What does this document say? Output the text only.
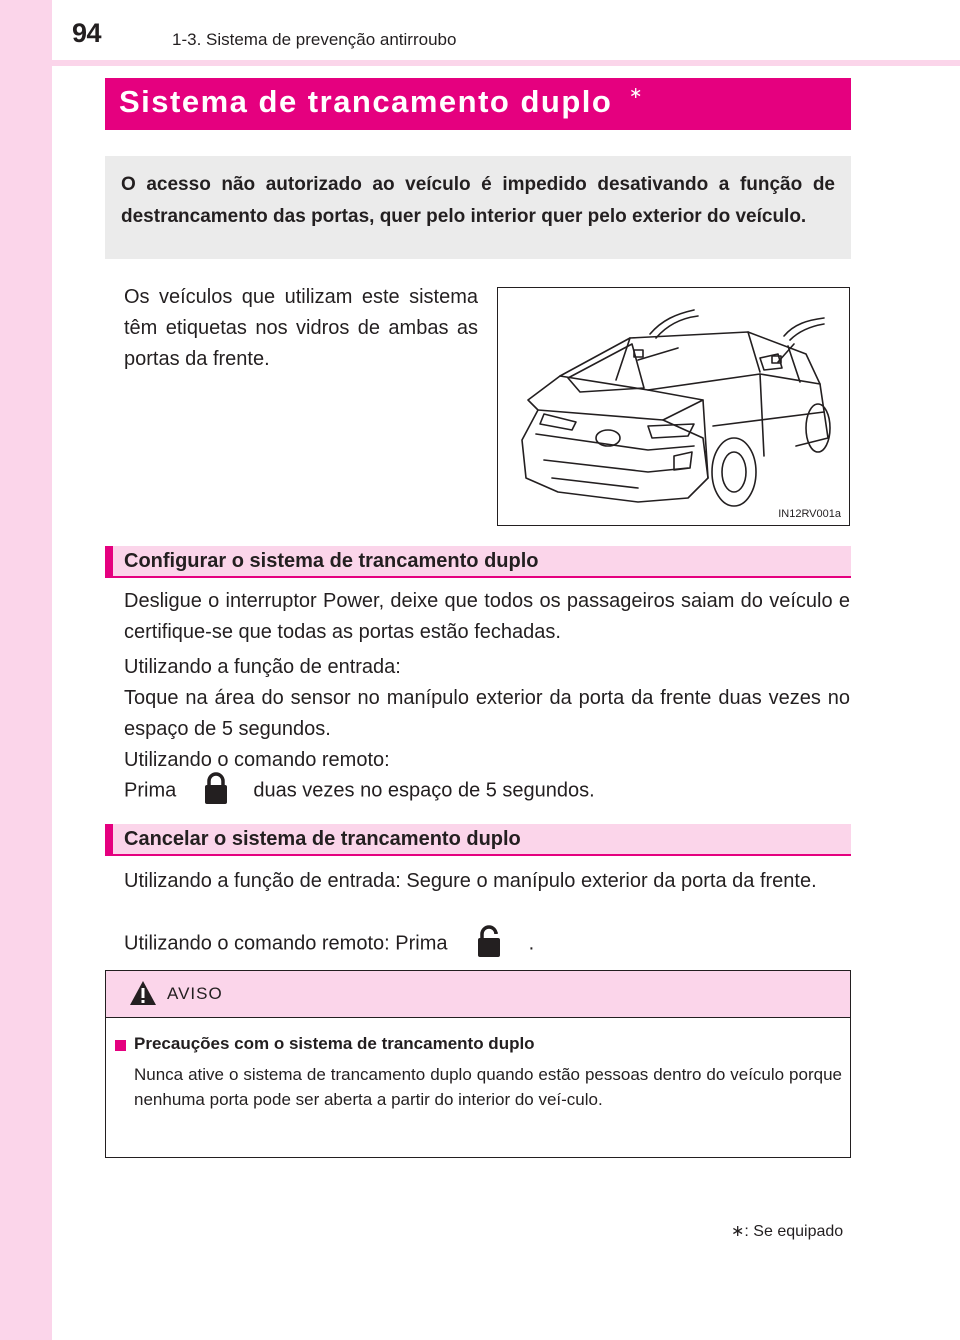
94	1-3. Sistema de prevenção antirroubo
Sistema de trancamento duplo ∗

O acesso não autorizado ao veículo é impedido desativando a função de destrancamento das portas, quer pelo interior quer pelo exterior do veículo.

Os veículos que utilizam este sistema têm etiquetas nos vidros de ambas as portas da frente.

IN12RV001a
Configurar o sistema de trancamento duplo

Desligue o interruptor Power, deixe que todos os passageiros saiam do veículo e certifique-se que todas as portas estão fechadas.

Utilizando a função de entrada:

Toque na área do sensor no manípulo exterior da porta da frente duas vezes no espaço de 5 segundos.

Utilizando o comando remoto:

Prima	duas vezes no espaço de 5 segundos.

Cancelar o sistema de trancamento duplo

Utilizando a função de entrada: Segure o manípulo exterior da porta da frente.

Utilizando o comando remoto: Prima	.

AVISO
Precauções com o sistema de trancamento duplo

Nunca ative o sistema de trancamento duplo quando estão pessoas dentro do veículo porque nenhuma porta pode ser aberta a partir do interior do veí-culo.

∗: Se equipado
